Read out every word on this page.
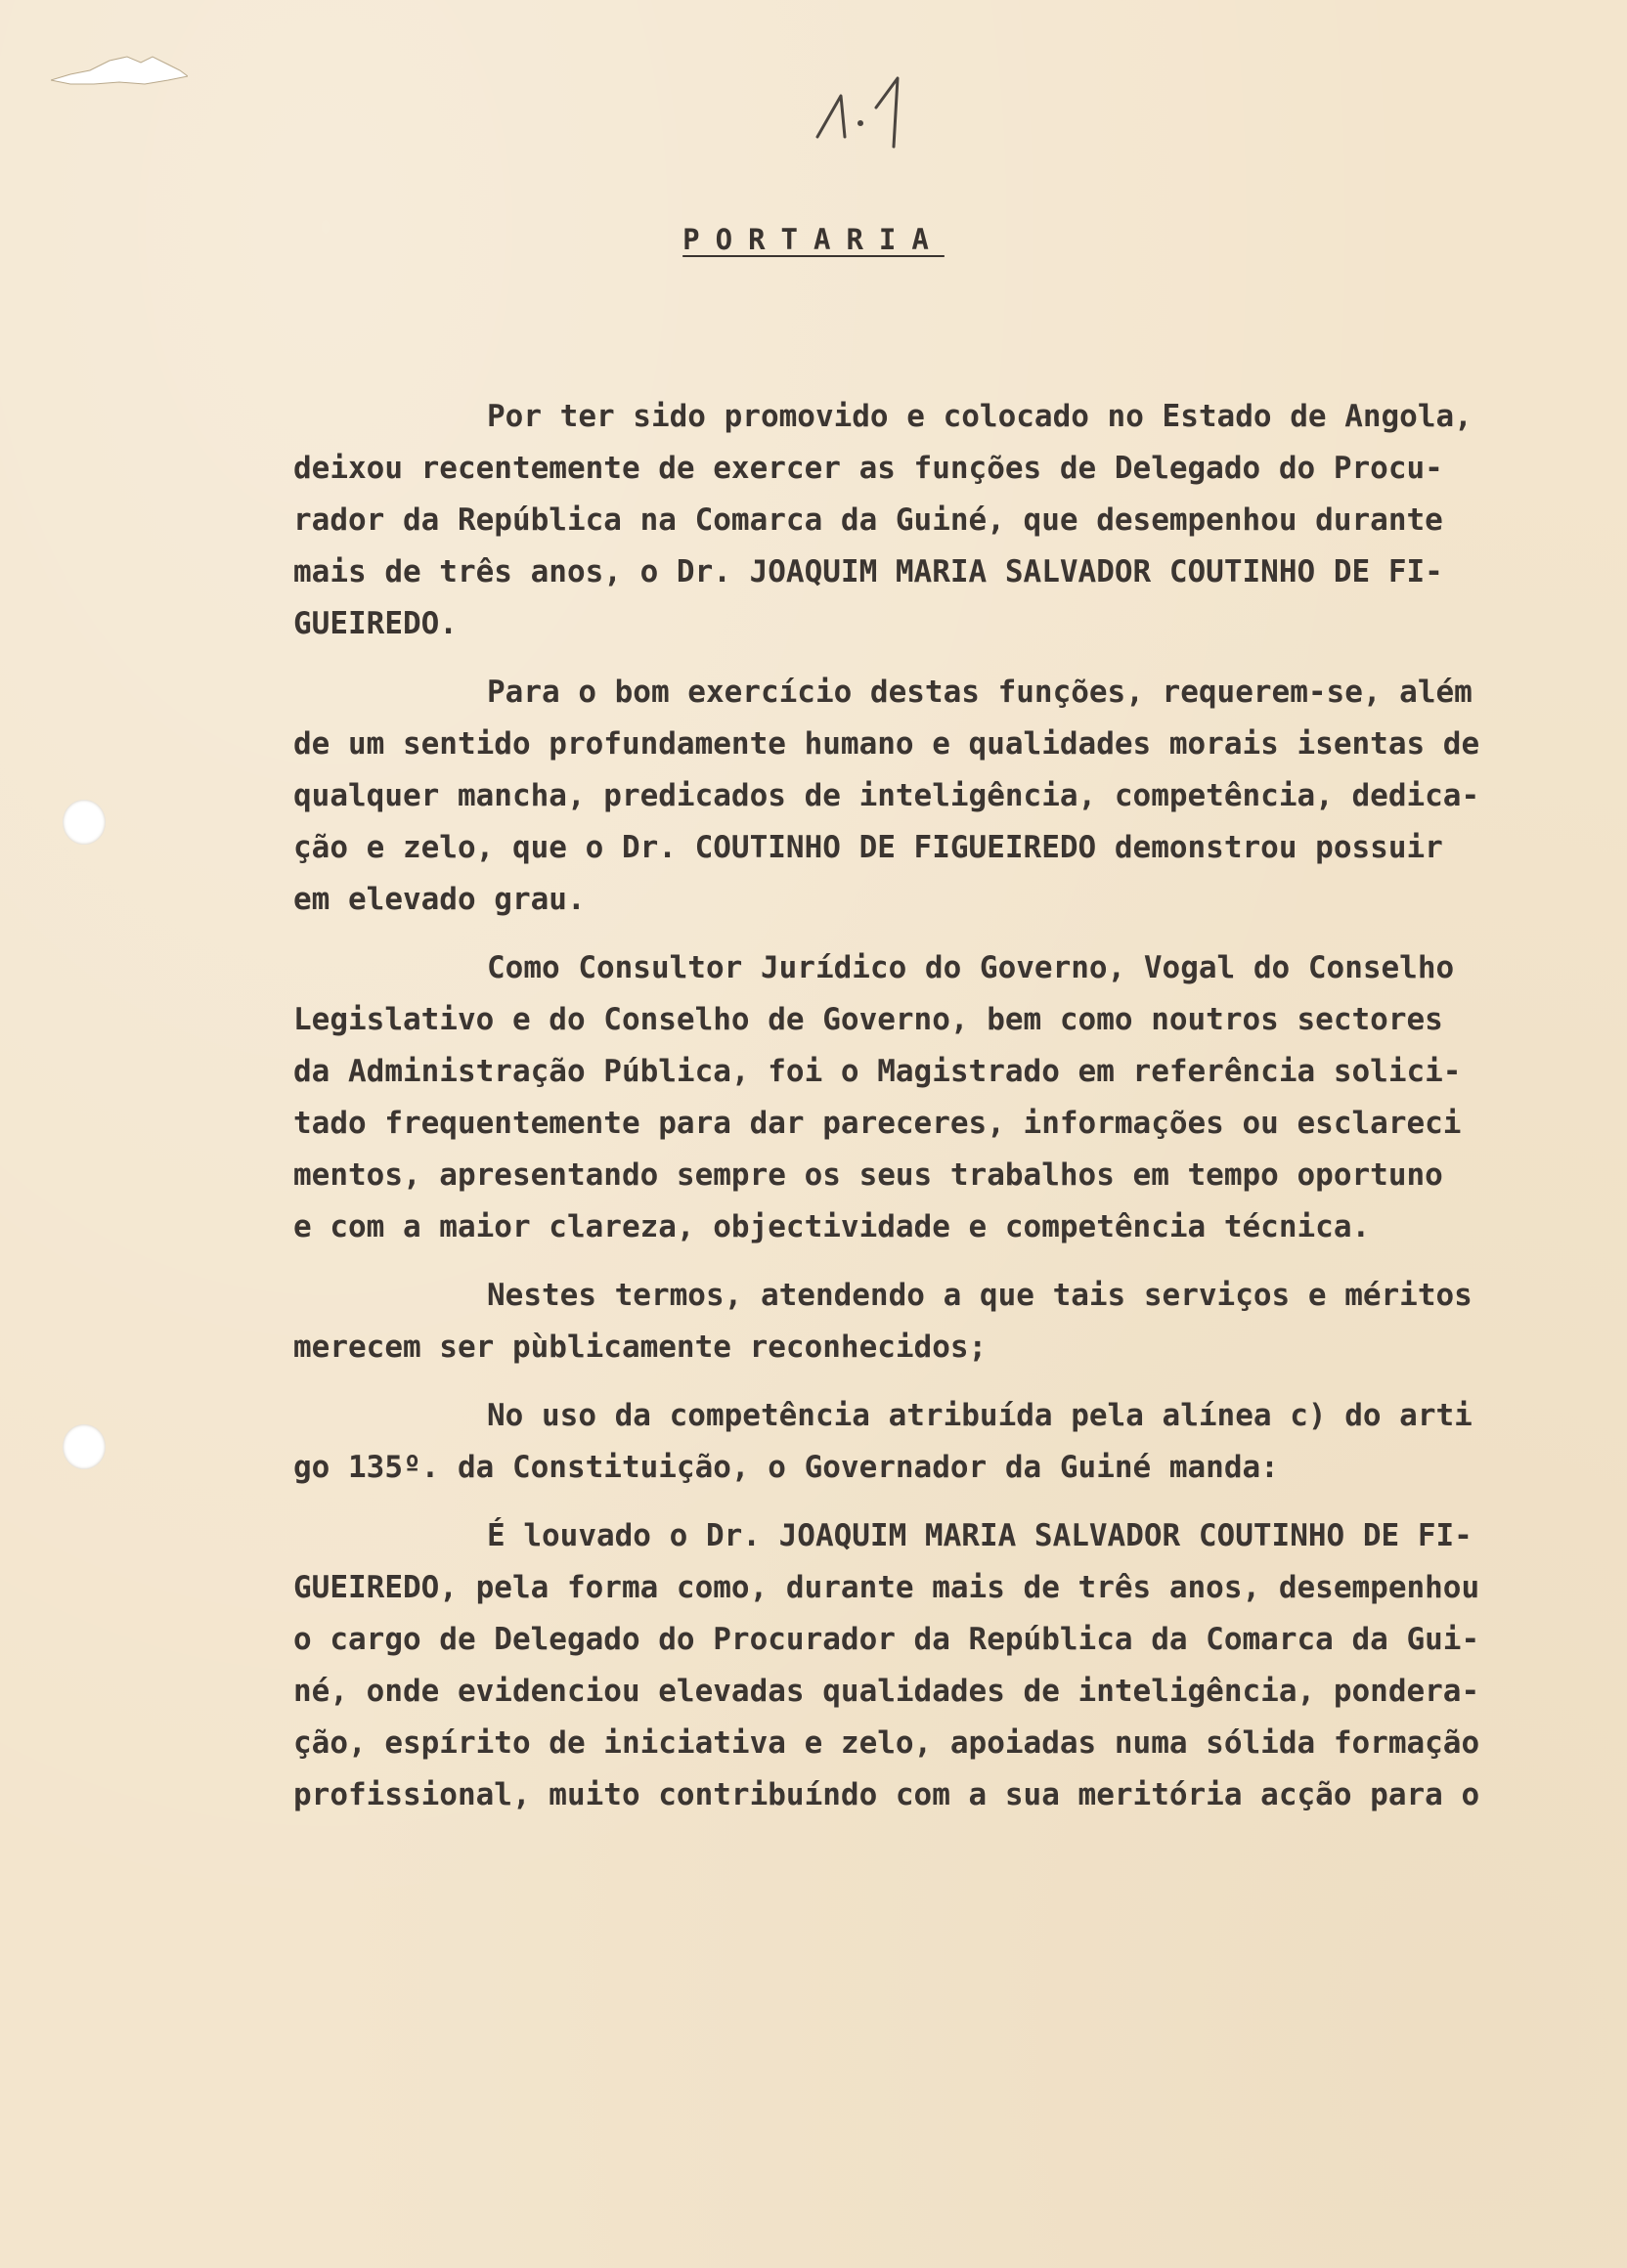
PORTARIA
Por ter sido promovido e colocado no Estado de Angola,
deixou recentemente de exercer as funções de Delegado do Procu-
rador da República na Comarca da Guiné, que desempenhou durante
mais de três anos, o Dr. JOAQUIM MARIA SALVADOR COUTINHO DE FI-
GUEIREDO.
Para o bom exercício destas funções, requerem-se, além
de um sentido profundamente humano e qualidades morais isentas de
qualquer mancha, predicados de inteligência, competência, dedica-
ção e zelo, que o Dr. COUTINHO DE FIGUEIREDO demonstrou possuir
em elevado grau.
Como Consultor Jurídico do Governo, Vogal do Conselho
Legislativo e do Conselho de Governo, bem como noutros sectores
da Administração Pública, foi o Magistrado em referência solici-
tado frequentemente para dar pareceres, informações ou esclareci
mentos, apresentando sempre os seus trabalhos em tempo oportuno
e com a maior clareza, objectividade e competência técnica.
Nestes termos, atendendo a que tais serviços e méritos
merecem ser pùblicamente reconhecidos;
No uso da competência atribuída pela alínea c) do arti
go 135º. da Constituição, o Governador da Guiné manda:
É louvado o Dr. JOAQUIM MARIA SALVADOR COUTINHO DE FI-
GUEIREDO, pela forma como, durante mais de três anos, desempenhou
o cargo de Delegado do Procurador da República da Comarca da Gui-
né, onde evidenciou elevadas qualidades de inteligência, pondera-
ção, espírito de iniciativa e zelo, apoiadas numa sólida formação
profissional, muito contribuíndo com a sua meritória acção para o
